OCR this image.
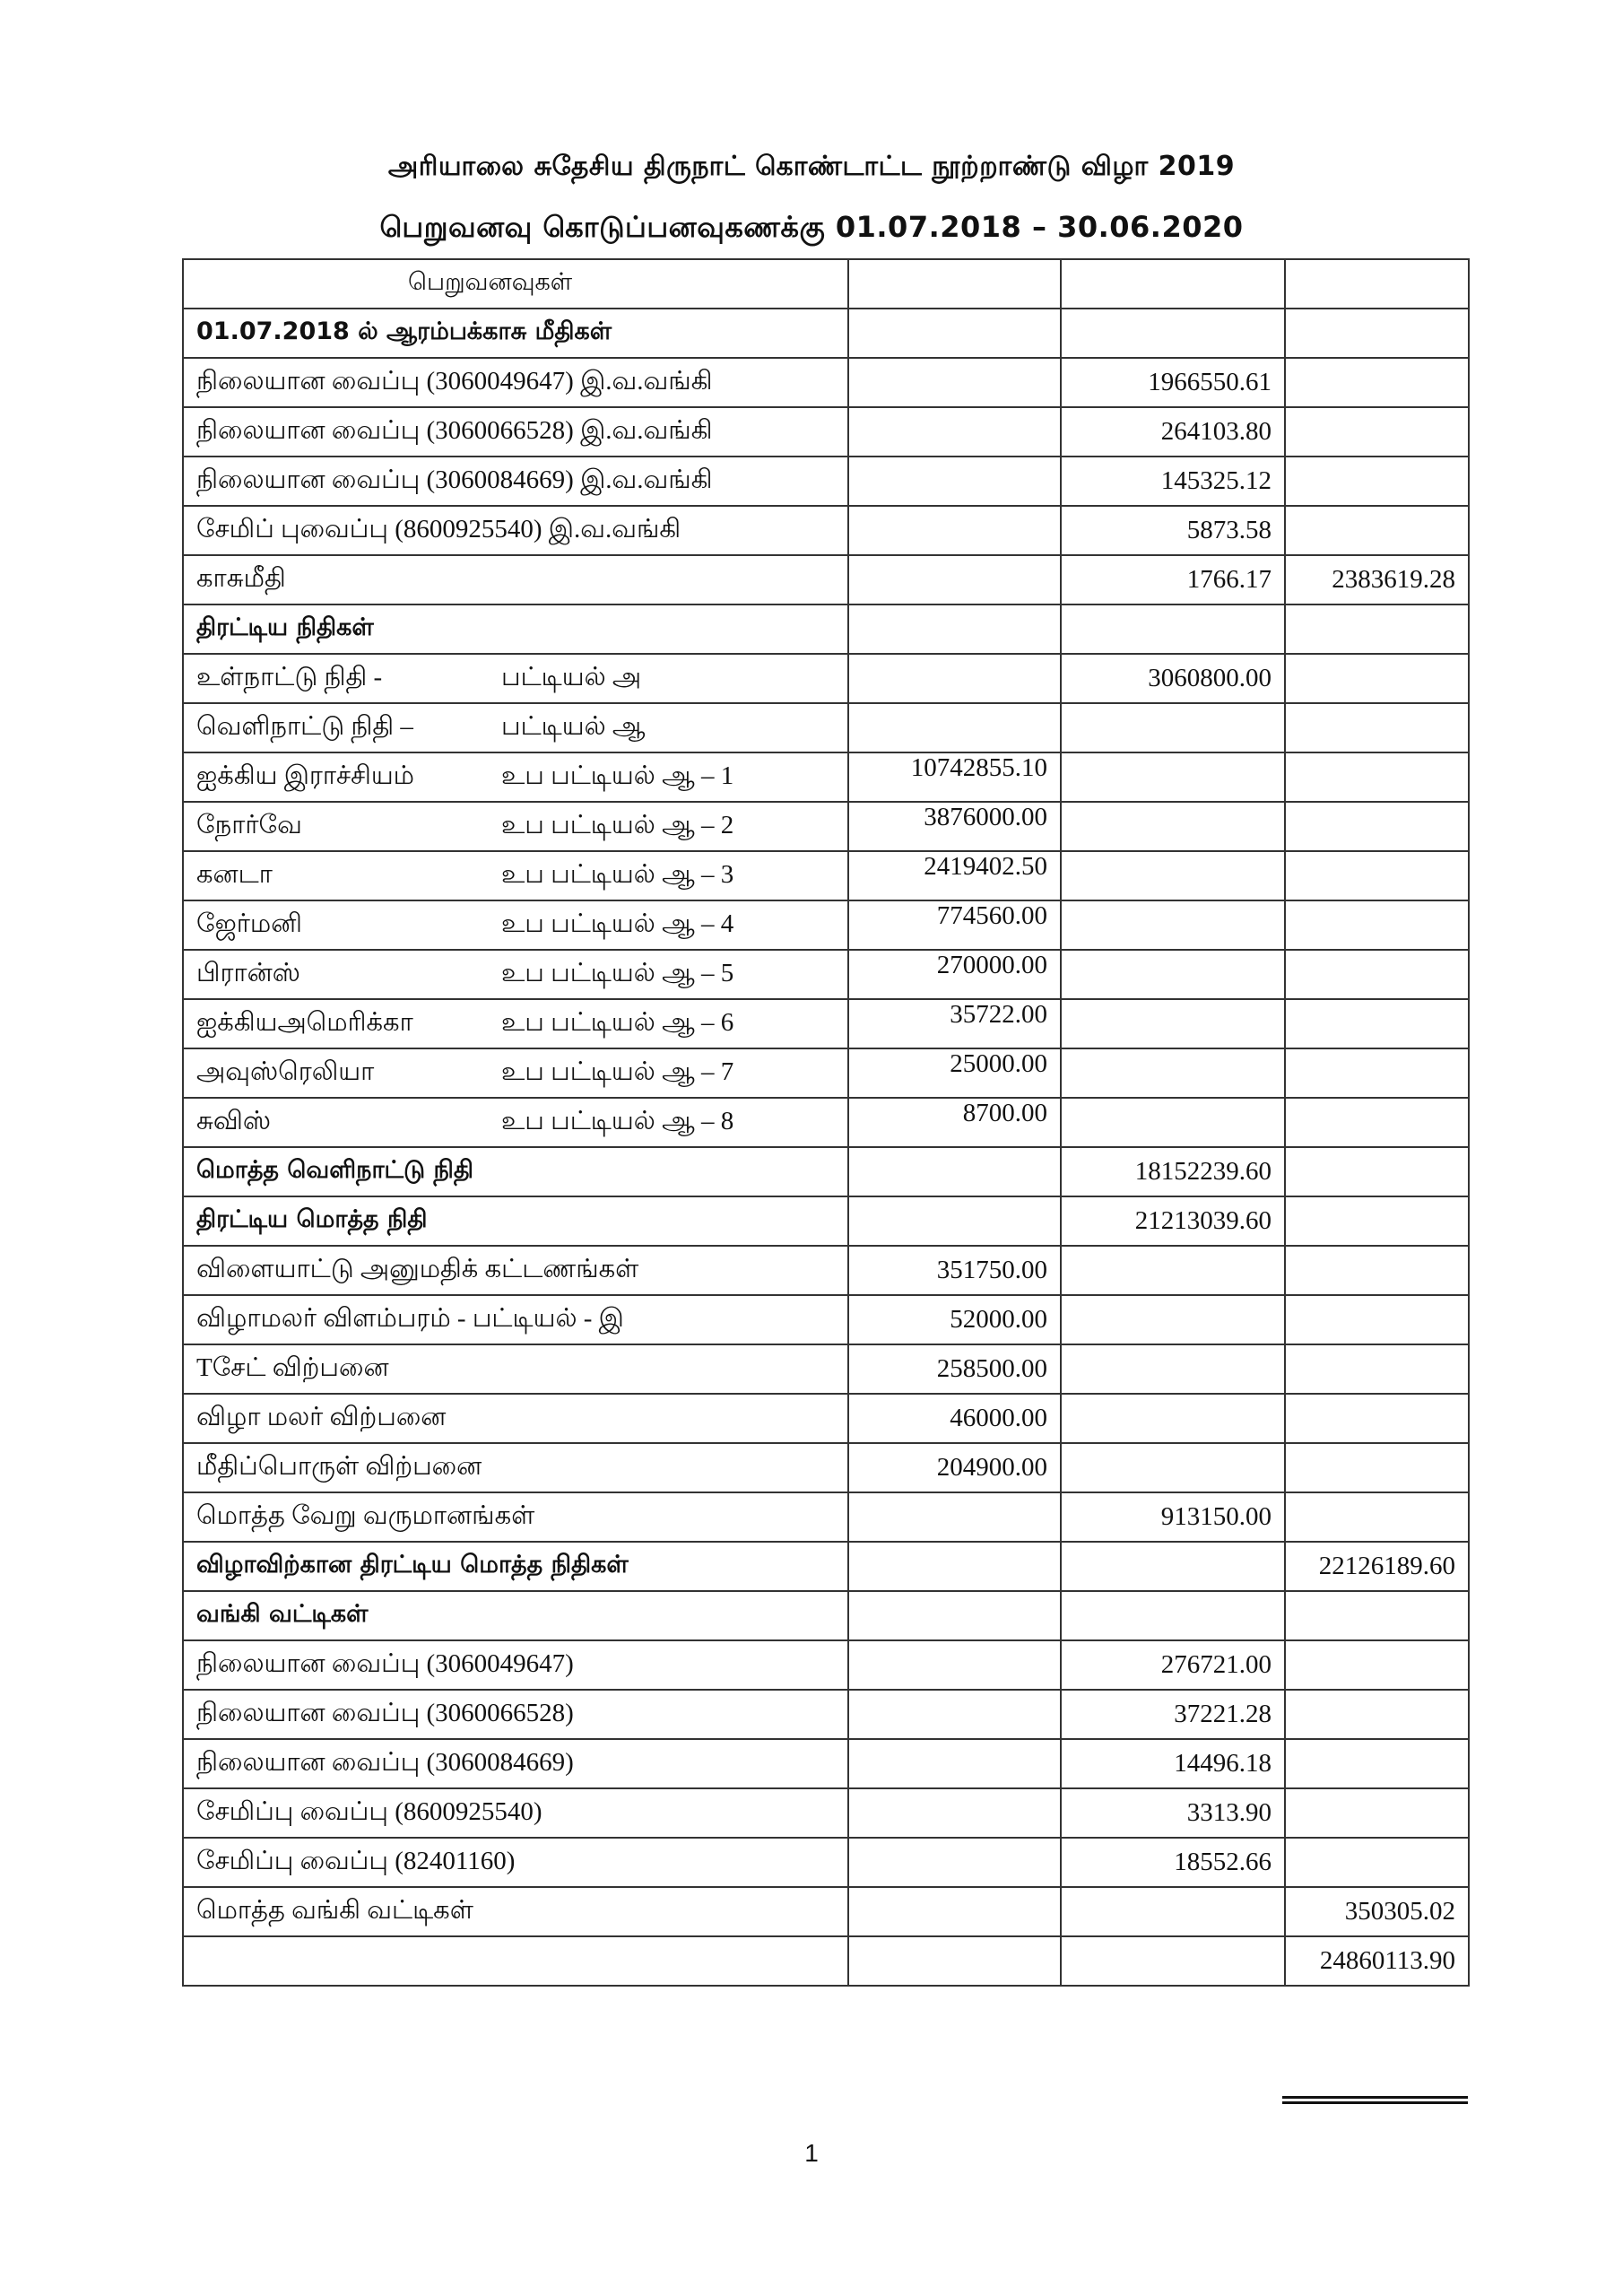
அரியாலை சுதேசிய திருநாட் கொண்டாட்ட நூற்றாண்டு விழா 2019
பெறுவனவு கொடுப்பனவுகணக்கு 01.07.2018 – 30.06.2020
பெறுவனவுகள்			
01.07.2018 ல் ஆரம்பக்காசு மீதிகள்			
நிலையான வைப்பு (3060049647) இ.வ.வங்கி		1966550.61	
நிலையான வைப்பு (3060066528) இ.வ.வங்கி		264103.80	
நிலையான வைப்பு (3060084669) இ.வ.வங்கி		145325.12	
சேமிப் புவைப்பு (8600925540) இ.வ.வங்கி		5873.58	
காசுமீதி		1766.17	2383619.28
திரட்டிய நிதிகள்			
உள்நாட்டு நிதி - பட்டியல் அ		3060800.00	
வெளிநாட்டு நிதி – பட்டியல் ஆ			
ஐக்கிய இராச்சியம் உப பட்டியல் ஆ – 1	10742855.10		
நோர்வே உப பட்டியல் ஆ – 2	3876000.00		
கனடா உப பட்டியல் ஆ – 3	2419402.50		
ஜேர்மனி உப பட்டியல் ஆ – 4	774560.00		
பிரான்ஸ் உப பட்டியல் ஆ – 5	270000.00		
ஐக்கியஅமெரிக்கா உப பட்டியல் ஆ – 6	35722.00		
அவுஸ்ரெலியா உப பட்டியல் ஆ – 7	25000.00		
சுவிஸ் உப பட்டியல் ஆ – 8	8700.00		
மொத்த வெளிநாட்டு நிதி		18152239.60	
திரட்டிய மொத்த நிதி		21213039.60	
விளையாட்டு அனுமதிக் கட்டணங்கள்	351750.00		
விழாமலர் விளம்பரம் - பட்டியல் - இ	52000.00		
Tசேட் விற்பனை	258500.00		
விழா மலர் விற்பனை	46000.00		
மீதிப்பொருள் விற்பனை	204900.00		
மொத்த வேறு வருமானங்கள்		913150.00	
விழாவிற்கான திரட்டிய மொத்த நிதிகள்			22126189.60
வங்கி வட்டிகள்			
நிலையான வைப்பு (3060049647)		276721.00	
நிலையான வைப்பு (3060066528)		37221.28	
நிலையான வைப்பு (3060084669)		14496.18	
சேமிப்பு வைப்பு (8600925540)		3313.90	
சேமிப்பு வைப்பு (82401160)		18552.66	
மொத்த வங்கி வட்டிகள்			350305.02
			24860113.90
1
